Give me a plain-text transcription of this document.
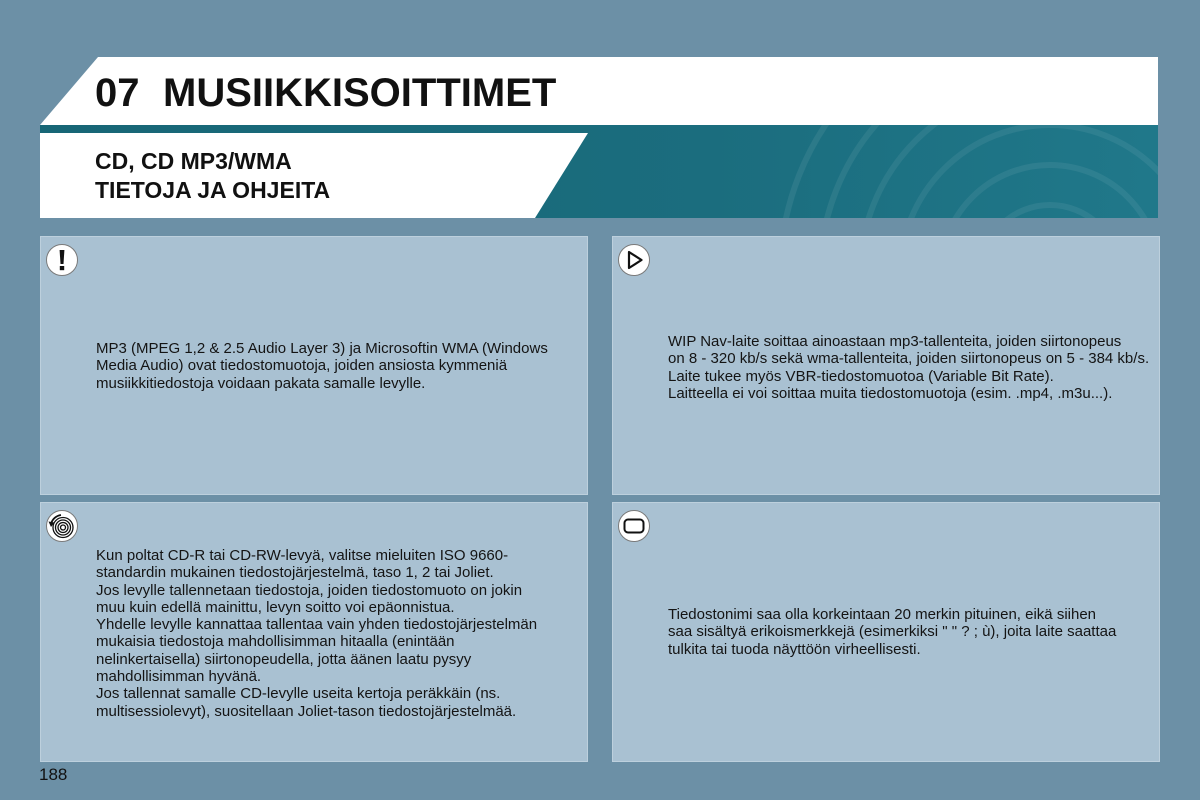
07 MUSIIKKISOITTIMET
CD, CD MP3/WMA
TIETOJA JA OHJEITA
MP3 (MPEG 1,2 & 2.5 Audio Layer 3) ja Microsoftin WMA (Windows
Media Audio) ovat tiedostomuotoja, joiden ansiosta kymmeniä
musiikkitiedostoja voidaan pakata samalle levylle.
WIP Nav-laite soittaa ainoastaan mp3-tallenteita, joiden siirtonopeus
on 8 - 320 kb/s sekä wma-tallenteita, joiden siirtonopeus on 5 - 384 kb/s.
Laite tukee myös VBR-tiedostomuotoa (Variable Bit Rate).
Laitteella ei voi soittaa muita tiedostomuotoja (esim. .mp4, .m3u...).
Kun poltat CD-R tai CD-RW-levyä, valitse mieluiten ISO 9660-
standardin mukainen tiedostojärjestelmä, taso 1, 2 tai Joliet.
Jos levylle tallennetaan tiedostoja, joiden tiedostomuoto on jokin
muu kuin edellä mainittu, levyn soitto voi epäonnistua.
Yhdelle levylle kannattaa tallentaa vain yhden tiedostojärjestelmän
mukaisia tiedostoja mahdollisimman hitaalla (enintään
nelinkertaisella) siirtonopeudella, jotta äänen laatu pysyy
mahdollisimman hyvänä.
Jos tallennat samalle CD-levylle useita kertoja peräkkäin (ns.
multisessiolevyt), suositellaan Joliet-tason tiedostojärjestelmää.
Tiedostonimi saa olla korkeintaan 20 merkin pituinen, eikä siihen
saa sisältyä erikoismerkkejä (esimerkiksi " " ? ; ù), joita laite saattaa
tulkita tai tuoda näyttöön virheellisesti.
188
